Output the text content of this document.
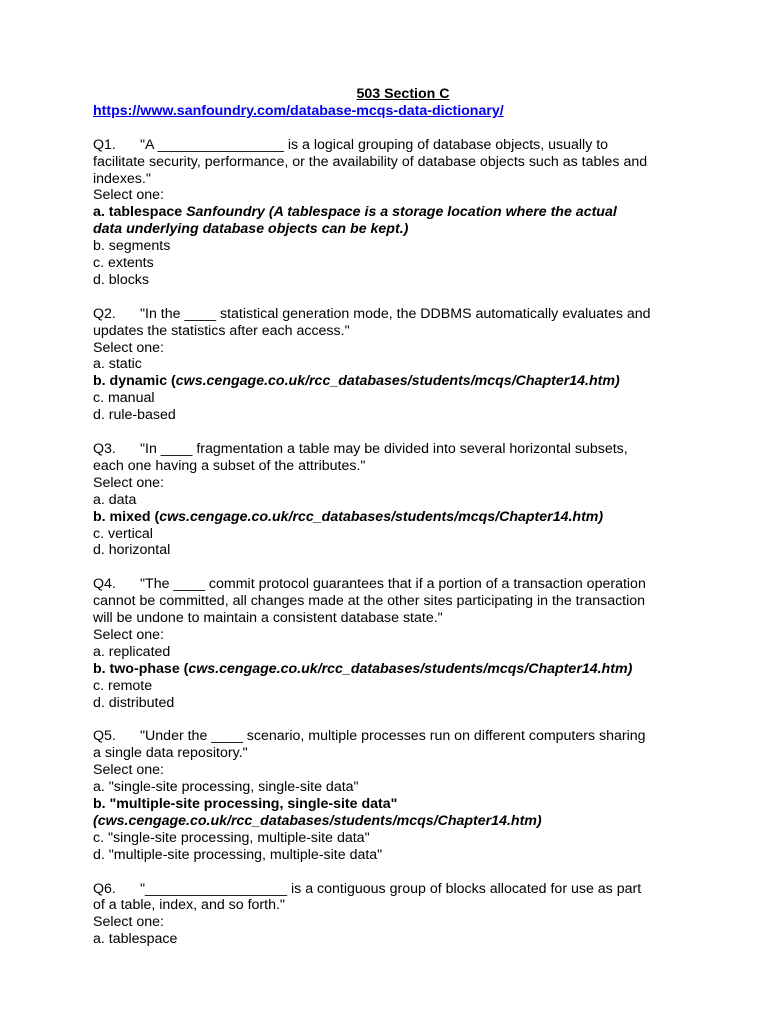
503 Section C
https://www.sanfoundry.com/database-mcqs-data-dictionary/
Q1. "A ________________ is a logical grouping of database objects, usually to
facilitate security, performance, or the availability of database objects such as tables and
indexes."
Select one:
a. tablespace Sanfoundry (A tablespace is a storage location where the actual
data underlying database objects can be kept.)
b. segments
c. extents
d. blocks
Q2. "In the ____ statistical generation mode, the DDBMS automatically evaluates and
updates the statistics after each access."
Select one:
a. static
b. dynamic (cws.cengage.co.uk/rcc_databases/students/mcqs/Chapter14.htm)
c. manual
d. rule-based
Q3. "In ____ fragmentation a table may be divided into several horizontal subsets,
each one having a subset of the attributes."
Select one:
a. data
b. mixed (cws.cengage.co.uk/rcc_databases/students/mcqs/Chapter14.htm)
c. vertical
d. horizontal
Q4. "The ____ commit protocol guarantees that if a portion of a transaction operation
cannot be committed, all changes made at the other sites participating in the transaction
will be undone to maintain a consistent database state."
Select one:
a. replicated
b. two-phase (cws.cengage.co.uk/rcc_databases/students/mcqs/Chapter14.htm)
c. remote
d. distributed
Q5. "Under the ____ scenario, multiple processes run on different computers sharing
a single data repository."
Select one:
a. "single-site processing, single-site data"
b. "multiple-site processing, single-site data"
(cws.cengage.co.uk/rcc_databases/students/mcqs/Chapter14.htm)
c. "single-site processing, multiple-site data"
d. "multiple-site processing, multiple-site data"
Q6. "__________________ is a contiguous group of blocks allocated for use as part
of a table, index, and so forth."
Select one:
a. tablespace
